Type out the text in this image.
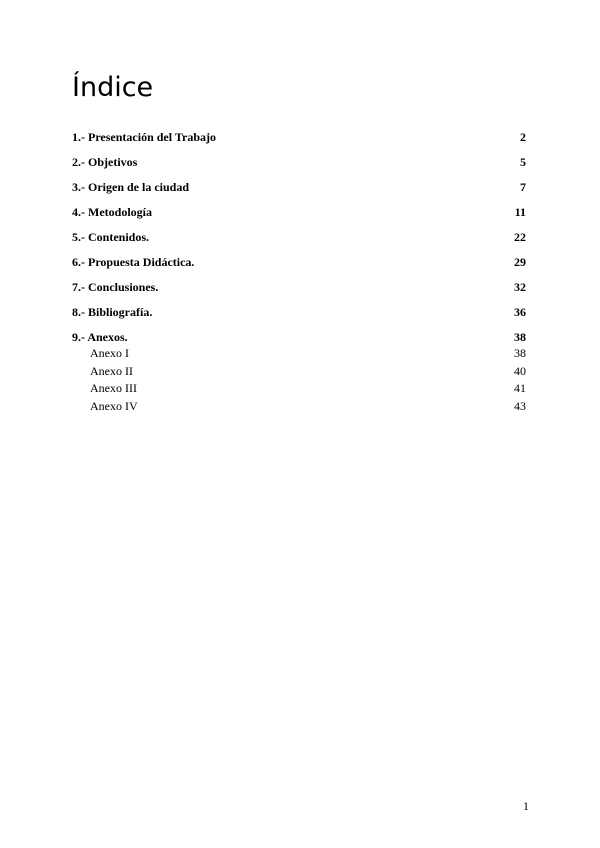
Índice
1.- Presentación del Trabajo	2
2.- Objetivos	5
3.- Origen de la ciudad	7
4.- Metodología	11
5.- Contenidos.	22
6.- Propuesta Didáctica.	29
7.- Conclusiones.	32
8.- Bibliografía.	36
9.- Anexos.	38
Anexo I	38
Anexo II	40
Anexo III	41
Anexo IV	43
1
